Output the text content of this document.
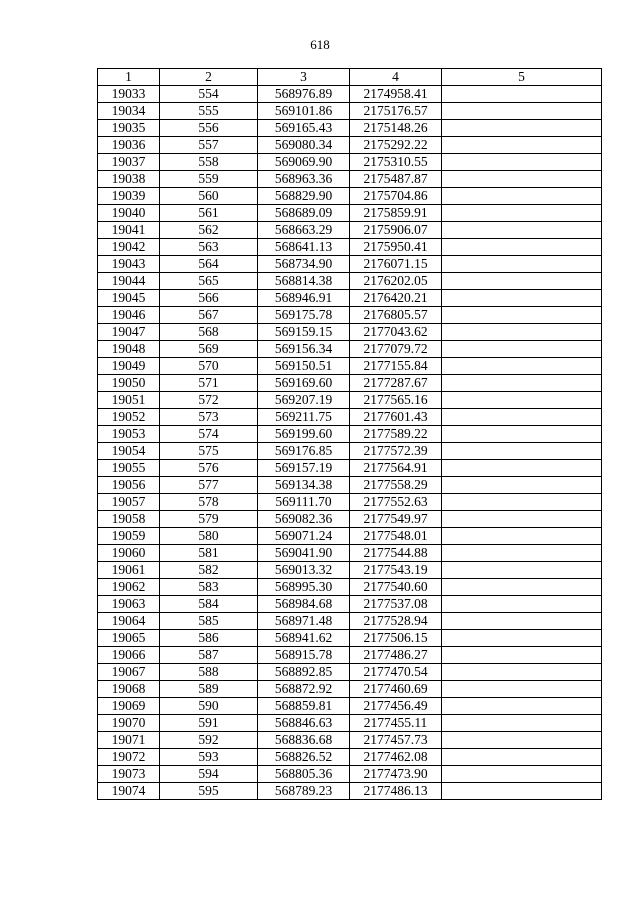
618
1	2	3	4	5
19033	554	568976.89	2174958.41	
19034	555	569101.86	2175176.57	
19035	556	569165.43	2175148.26	
19036	557	569080.34	2175292.22	
19037	558	569069.90	2175310.55	
19038	559	568963.36	2175487.87	
19039	560	568829.90	2175704.86	
19040	561	568689.09	2175859.91	
19041	562	568663.29	2175906.07	
19042	563	568641.13	2175950.41	
19043	564	568734.90	2176071.15	
19044	565	568814.38	2176202.05	
19045	566	568946.91	2176420.21	
19046	567	569175.78	2176805.57	
19047	568	569159.15	2177043.62	
19048	569	569156.34	2177079.72	
19049	570	569150.51	2177155.84	
19050	571	569169.60	2177287.67	
19051	572	569207.19	2177565.16	
19052	573	569211.75	2177601.43	
19053	574	569199.60	2177589.22	
19054	575	569176.85	2177572.39	
19055	576	569157.19	2177564.91	
19056	577	569134.38	2177558.29	
19057	578	569111.70	2177552.63	
19058	579	569082.36	2177549.97	
19059	580	569071.24	2177548.01	
19060	581	569041.90	2177544.88	
19061	582	569013.32	2177543.19	
19062	583	568995.30	2177540.60	
19063	584	568984.68	2177537.08	
19064	585	568971.48	2177528.94	
19065	586	568941.62	2177506.15	
19066	587	568915.78	2177486.27	
19067	588	568892.85	2177470.54	
19068	589	568872.92	2177460.69	
19069	590	568859.81	2177456.49	
19070	591	568846.63	2177455.11	
19071	592	568836.68	2177457.73	
19072	593	568826.52	2177462.08	
19073	594	568805.36	2177473.90	
19074	595	568789.23	2177486.13	
